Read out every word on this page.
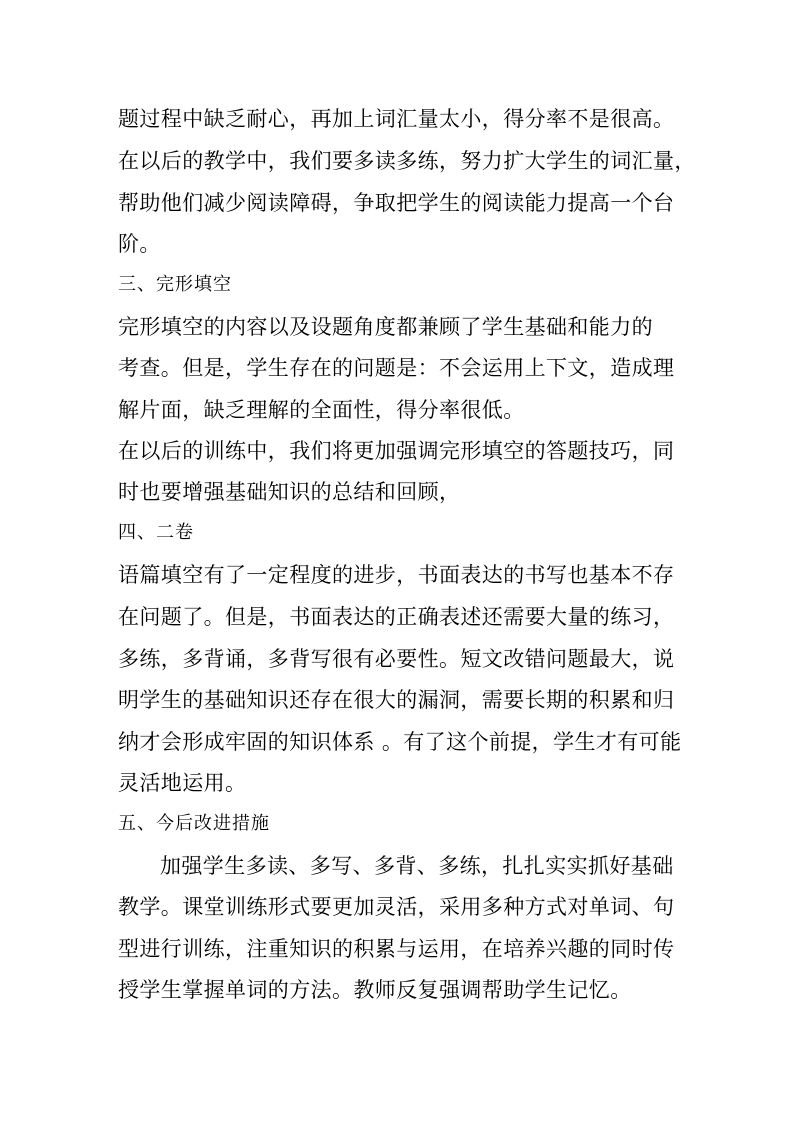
题过程中缺乏耐心，再加上词汇量太小，得分率不是很高。
在以后的教学中，我们要多读多练，努力扩大学生的词汇量，
帮助他们减少阅读障碍，争取把学生的阅读能力提高一个台
阶。
三、完形填空
完形填空的内容以及设题角度都兼顾了学生基础和能力的
考查。但是，学生存在的问题是：不会运用上下文，造成理
解片面，缺乏理解的全面性，得分率很低。
在以后的训练中，我们将更加强调完形填空的答题技巧，同
时也要增强基础知识的总结和回顾，
四、二卷
语篇填空有了一定程度的进步，书面表达的书写也基本不存
在问题了。但是，书面表达的正确表述还需要大量的练习，
多练，多背诵，多背写很有必要性。短文改错问题最大，说
明学生的基础知识还存在很大的漏洞，需要长期的积累和归
纳才会形成牢固的知识体系 。有了这个前提，学生才有可能
灵活地运用。
五、今后改进措施
加强学生多读、多写、多背、多练，扎扎实实抓好基础
教学。课堂训练形式要更加灵活，采用多种方式对单词、句
型进行训练，注重知识的积累与运用，在培养兴趣的同时传
授学生掌握单词的方法。教师反复强调帮助学生记忆。
